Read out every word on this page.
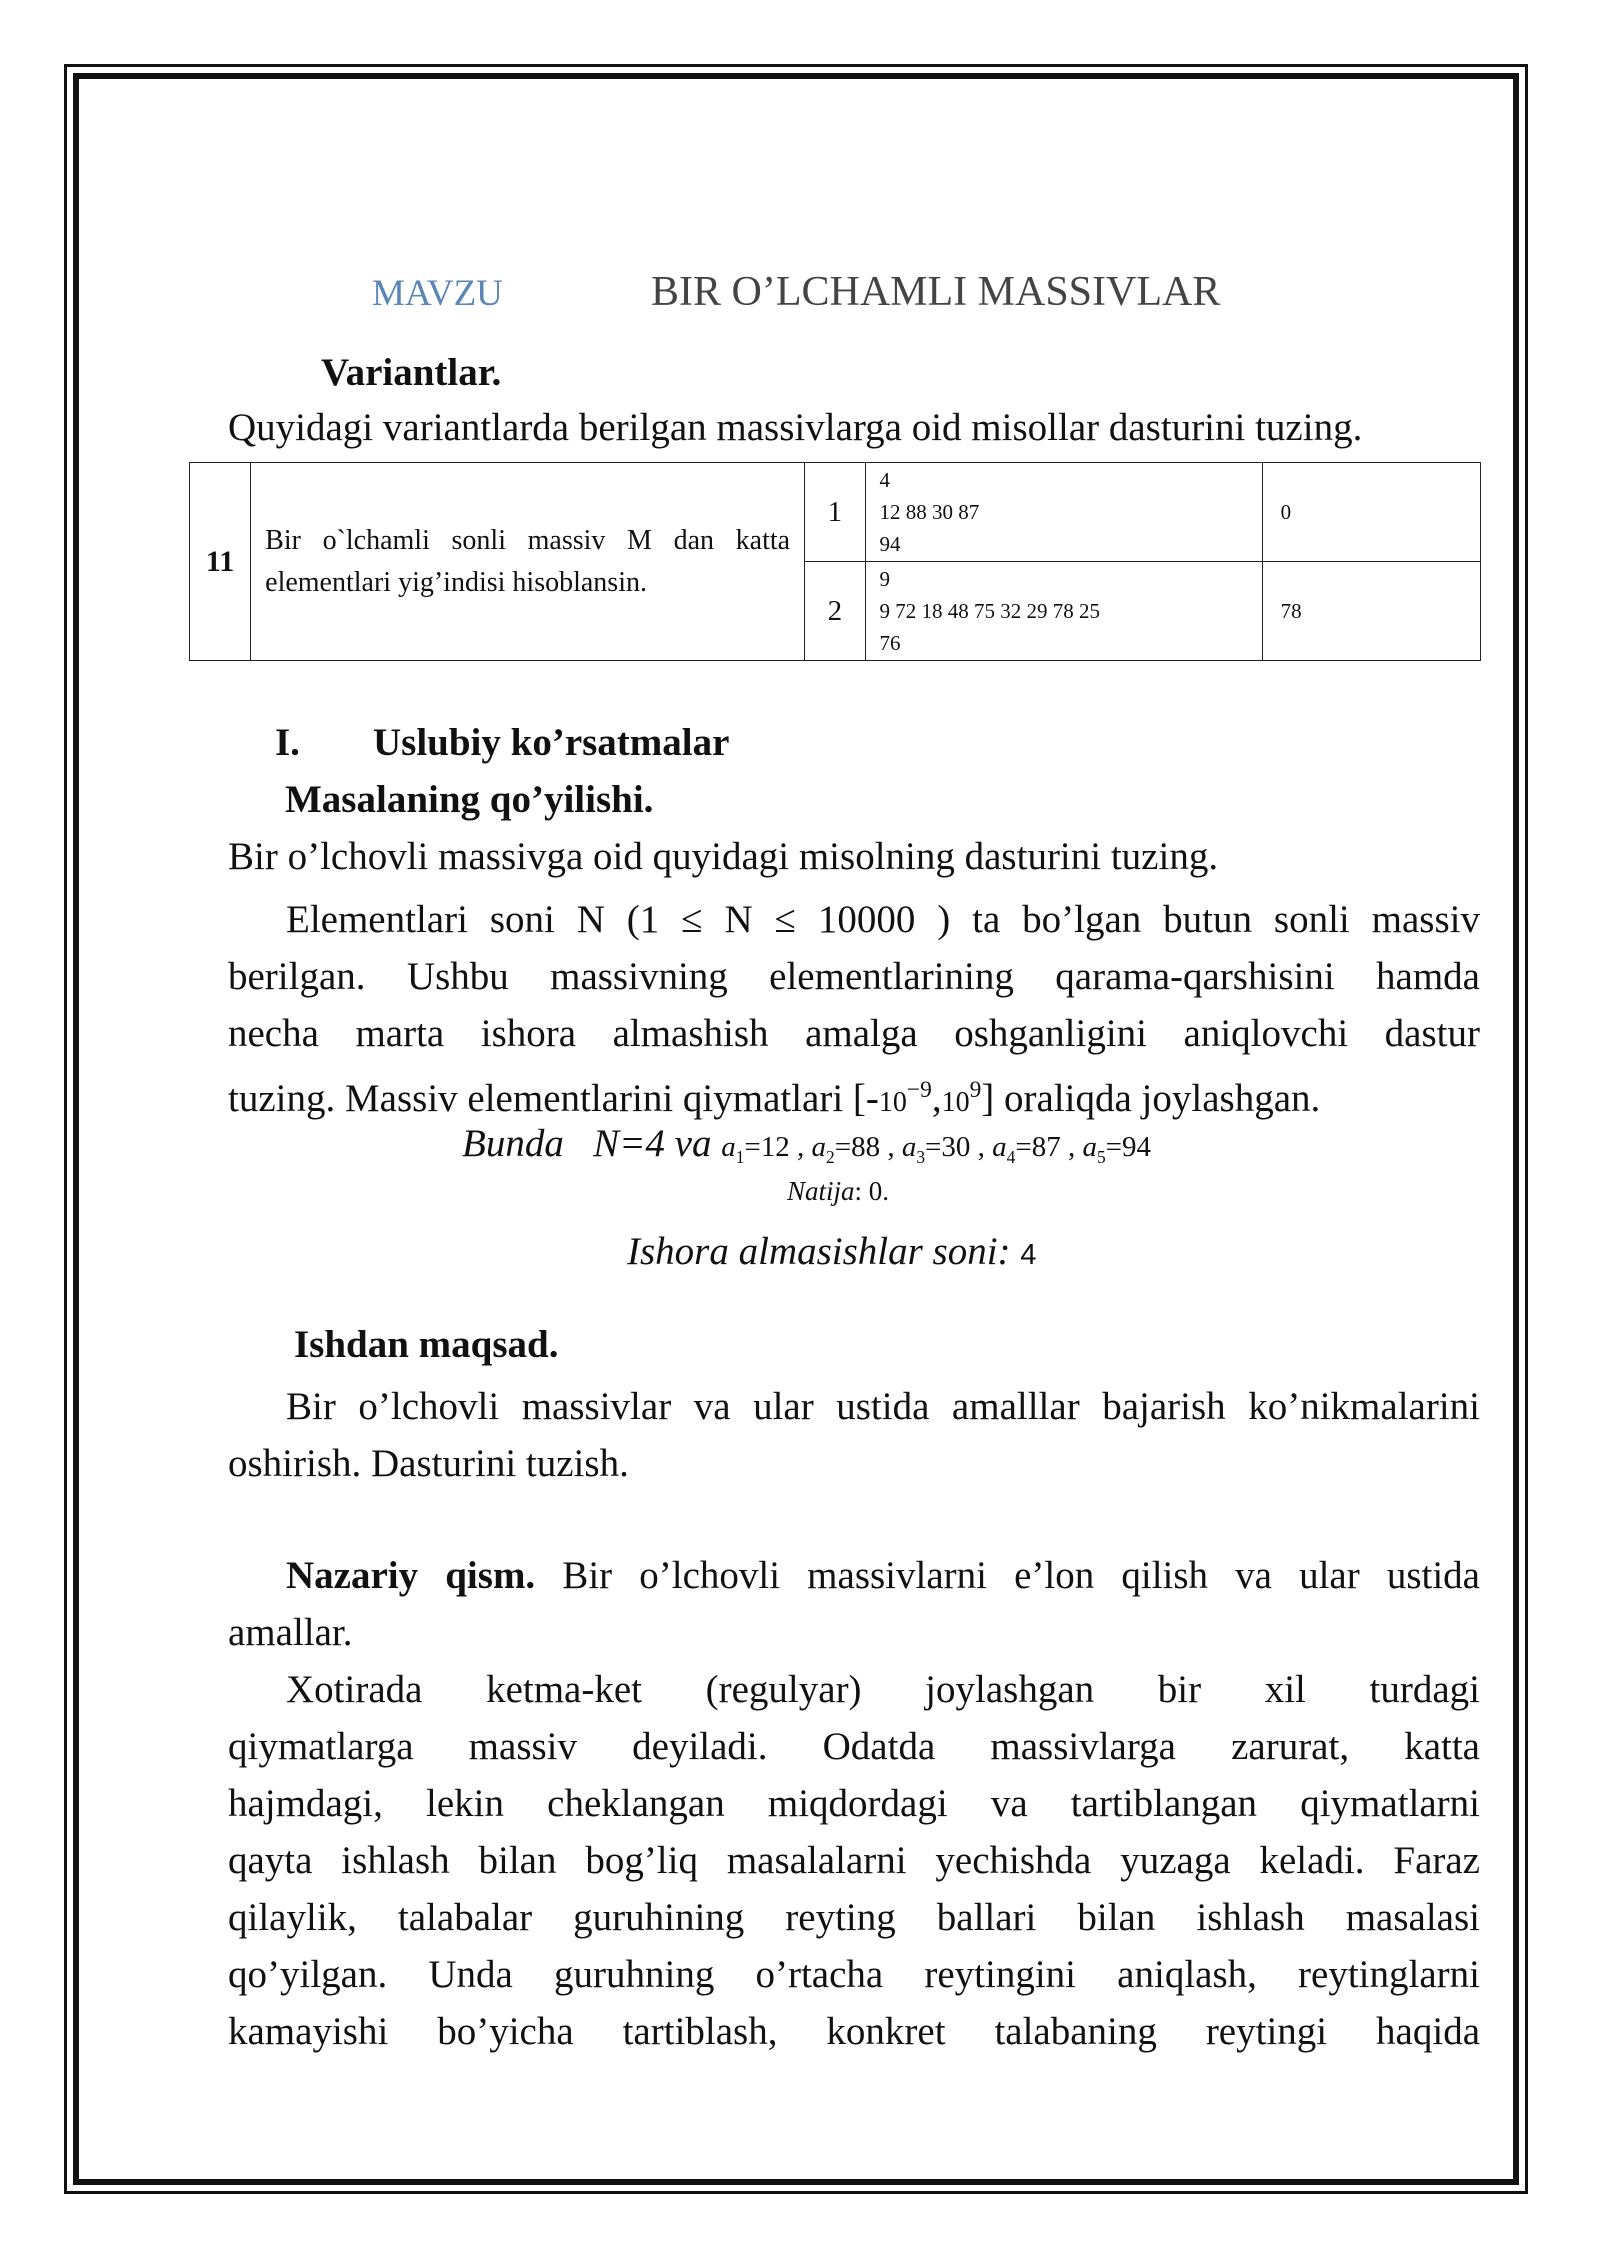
MAVZU	BIR O’LCHAMLI MASSIVLAR
Variantlar.
Quyidagi variantlarda berilgan massivlarga oid misollar dasturini tuzing.
11	Bir o`lchamli sonli massiv M dan katta elementlari yig’indisi hisoblansin.	1	4
12 88 30 87
94	0
		2	9
9 72 18 48 75 32 29 78 25
76	78
I. Uslubiy ko’rsatmalar
Masalaning qo’yilishi.
Bir o’lchovli massivga oid quyidagi misolning dasturini tuzing.
Elementlari soni N (1 ≤ N ≤ 10000 ) ta bo’lgan butun sonli massiv
berilgan. Ushbu massivning elementlarining qarama-qarshisini hamda
necha marta ishora almashish amalga oshganligini aniqlovchi dastur
tuzing. Massiv elementlarini qiymatlari $[-10^{-9},10^9]$ oraliqda joylashgan.
Bunda N=4 va $a_1=12$ , $a_2=88$ , $a_3=30$ , $a_4=87$ , $a_5=94$
Natija: 0.
Ishora almasishlar soni: 4
Ishdan maqsad.
Bir o’lchovli massivlar va ular ustida amalllar bajarish ko’nikmalarini
oshirish. Dasturini tuzish.
Nazariy qism. Bir o’lchovli massivlarni e’lon qilish va ular ustida
amallar.
Xotirada ketma-ket (regulyar) joylashgan bir xil turdagi
qiymatlarga massiv deyiladi. Odatda massivlarga zarurat, katta
hajmdagi, lekin cheklangan miqdordagi va tartiblangan qiymatlarni
qayta ishlash bilan bog’liq masalalarni yechishda yuzaga keladi. Faraz
qilaylik, talabalar guruhining reyting ballari bilan ishlash masalasi
qo’yilgan. Unda guruhning o’rtacha reytingini aniqlash, reytinglarni
kamayishi bo’yicha tartiblash, konkret talabaning reytingi haqida
